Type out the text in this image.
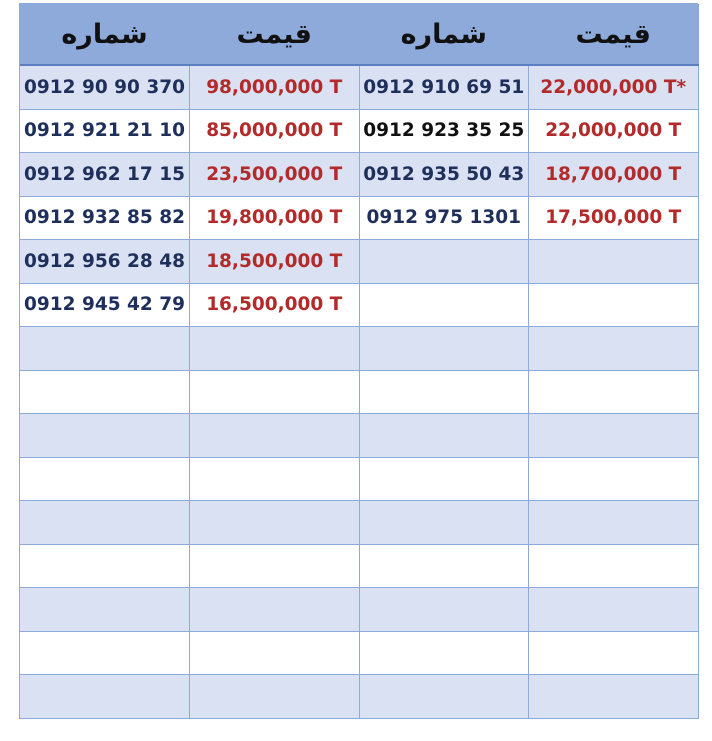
شماره	قیمت	شماره	قیمت
0912 90 90 370	98,000,000 T	0912 910 69 51	22,000,000 T*
0912 921 21 10	85,000,000 T	0912 923 35 25	22,000,000 T
0912 962 17 15	23,500,000 T	0912 935 50 43	18,700,000 T
0912 932 85 82	19,800,000 T	0912 975 1301	17,500,000 T
0912 956 28 48	18,500,000 T		
0912 945 42 79	16,500,000 T		
